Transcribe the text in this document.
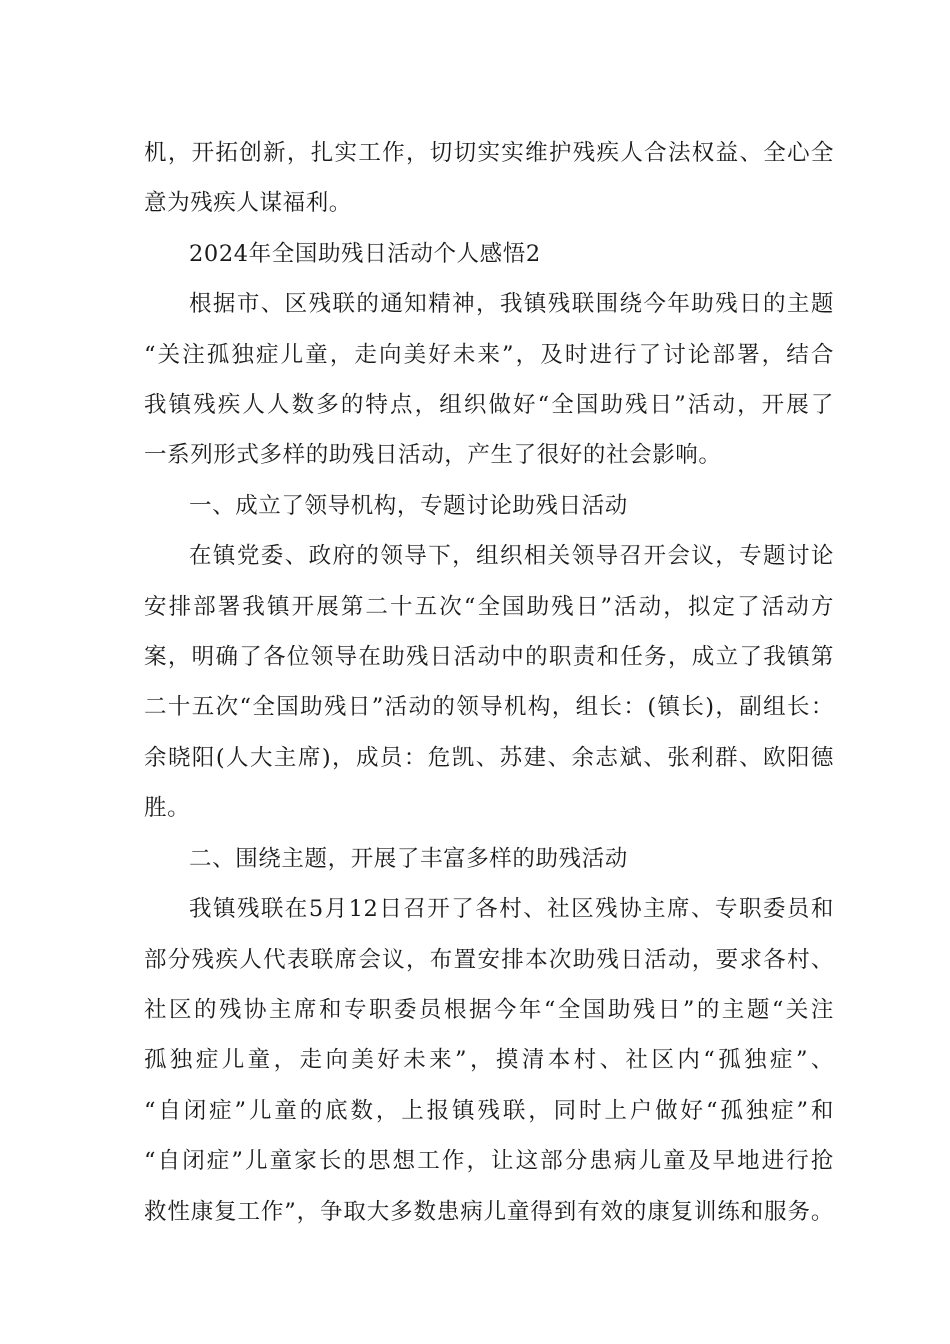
机，开拓创新，扎实工作，切切实实维护残疾人合法权益、全心全
意为残疾人谋福利。
2024年全国助残日活动个人感悟2
根据市、区残联的通知精神，我镇残联围绕今年助残日的主题
“关注孤独症儿童，走向美好未来”，及时进行了讨论部署，结合
我镇残疾人人数多的特点，组织做好“全国助残日”活动，开展了
一系列形式多样的助残日活动，产生了很好的社会影响。
一、成立了领导机构，专题讨论助残日活动
在镇党委、政府的领导下，组织相关领导召开会议，专题讨论
安排部署我镇开展第二十五次“全国助残日”活动，拟定了活动方
案，明确了各位领导在助残日活动中的职责和任务，成立了我镇第
二十五次“全国助残日”活动的领导机构，组长：(镇长)，副组长：
余晓阳(人大主席)，成员：危凯、苏建、余志斌、张利群、欧阳德
胜。
二、围绕主题，开展了丰富多样的助残活动
我镇残联在5月12日召开了各村、社区残协主席、专职委员和
部分残疾人代表联席会议，布置安排本次助残日活动，要求各村、
社区的残协主席和专职委员根据今年“全国助残日”的主题“关注
孤独症儿童，走向美好未来”，摸清本村、社区内“孤独症”、
“自闭症”儿童的底数，上报镇残联，同时上户做好“孤独症”和
“自闭症”儿童家长的思想工作，让这部分患病儿童及早地进行抢
救性康复工作”，争取大多数患病儿童得到有效的康复训练和服务。
